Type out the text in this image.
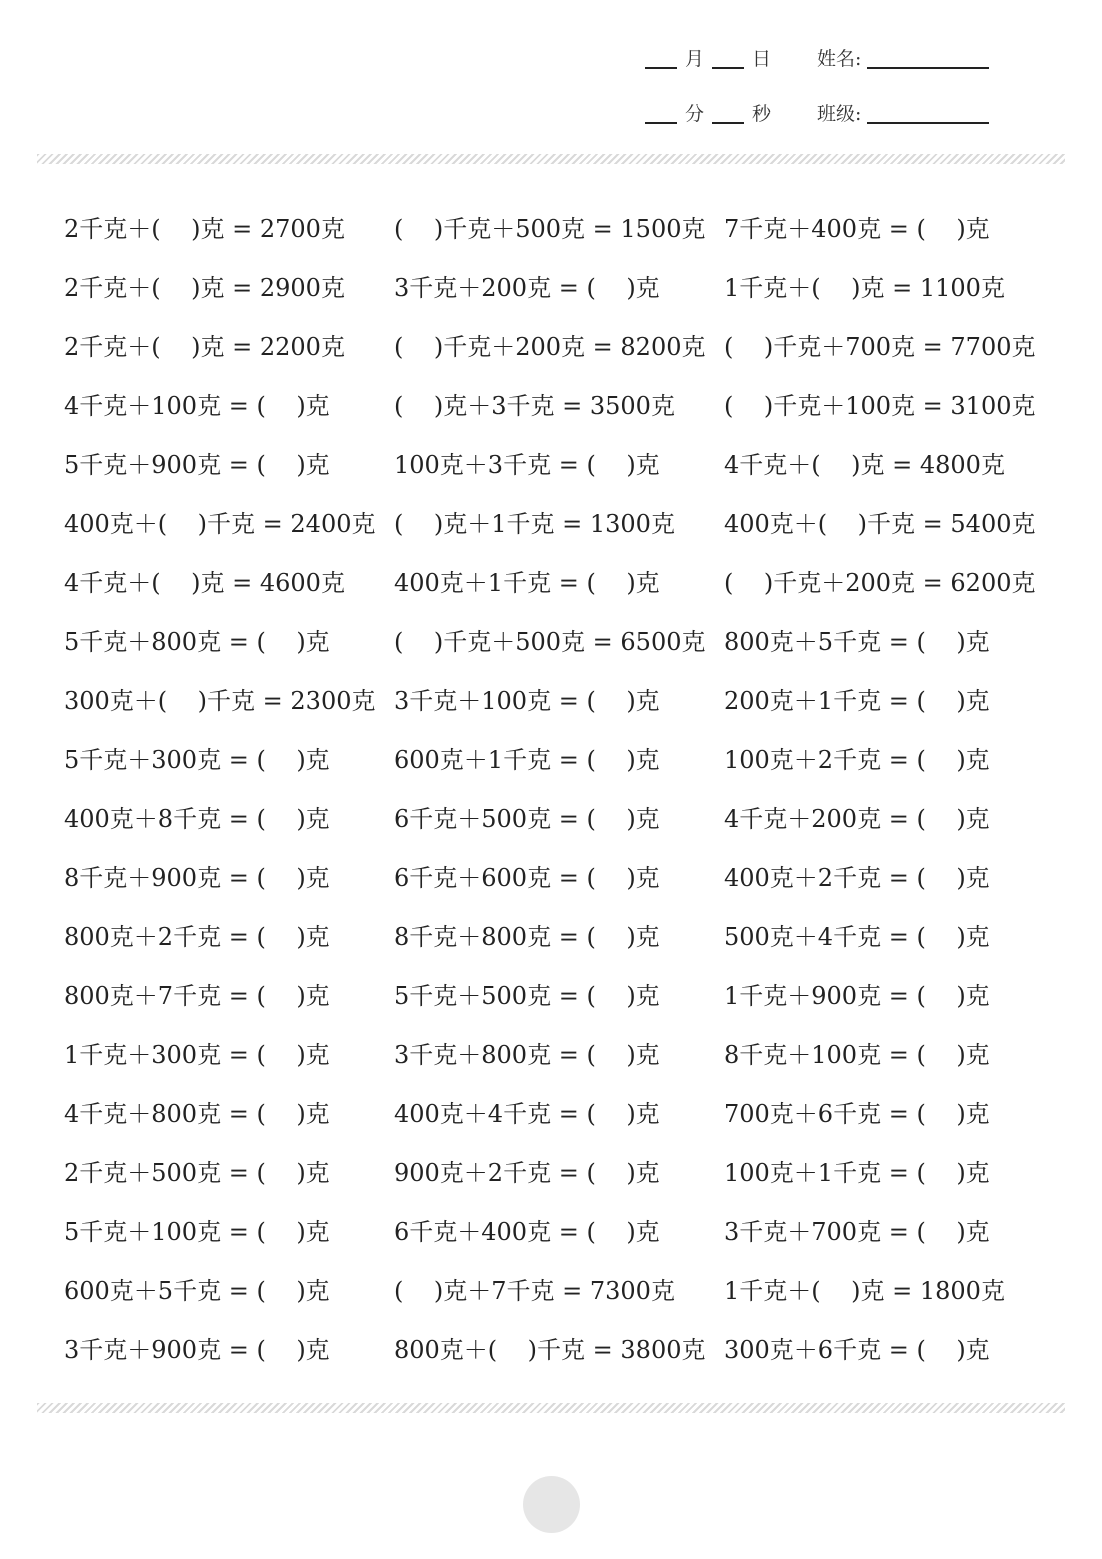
月	日 姓名:
分	秒 班级:
2千克＋(    )克 = 2700克 (    )千克＋500克 = 1500克 7千克＋400克 = (    )克
2千克＋(    )克 = 2900克 3千克＋200克 = (    )克	1千克＋(    )克 = 1100克
2千克＋(    )克 = 2200克 (    )千克＋200克 = 8200克 (    )千克＋700克 = 7700克
4千克＋100克 = (    )克	(    )克＋3千克 = 3500克 (    )千克＋100克 = 3100克
5千克＋900克 = (    )克	100克＋3千克 = (    )克	4千克＋(    )克 = 4800克
400克＋(    )千克 = 2400克 (    )克＋1千克 = 1300克 400克＋(    )千克 = 5400克
4千克＋(    )克 = 4600克 400克＋1千克 = (    )克	(    )千克＋200克 = 6200克
5千克＋800克 = (    )克	(    )千克＋500克 = 6500克 800克＋5千克 = (    )克
300克＋(    )千克 = 2300克 3千克＋100克 = (    )克	200克＋1千克 = (    )克
5千克＋300克 = (    )克	600克＋1千克 = (    )克	100克＋2千克 = (    )克
400克＋8千克 = (    )克	6千克＋500克 = (    )克	4千克＋200克 = (    )克
8千克＋900克 = (    )克	6千克＋600克 = (    )克	400克＋2千克 = (    )克
800克＋2千克 = (    )克	8千克＋800克 = (    )克	500克＋4千克 = (    )克
800克＋7千克 = (    )克	5千克＋500克 = (    )克	1千克＋900克 = (    )克
1千克＋300克 = (    )克	3千克＋800克 = (    )克	8千克＋100克 = (    )克
4千克＋800克 = (    )克	400克＋4千克 = (    )克	700克＋6千克 = (    )克
2千克＋500克 = (    )克	900克＋2千克 = (    )克	100克＋1千克 = (    )克
5千克＋100克 = (    )克	6千克＋400克 = (    )克	3千克＋700克 = (    )克
600克＋5千克 = (    )克	(    )克＋7千克 = 7300克 1千克＋(    )克 = 1800克
3千克＋900克 = (    )克	800克＋(    )千克 = 3800克 300克＋6千克 = (    )克
